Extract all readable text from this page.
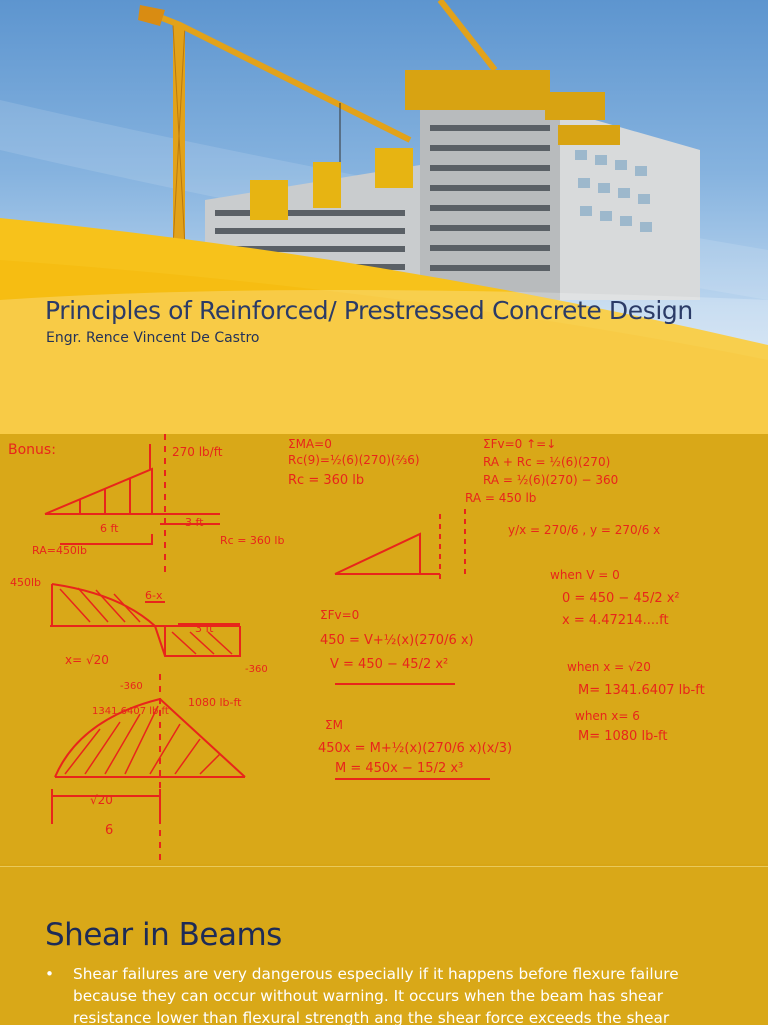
Principles of Reinforced/ Prestressed Concrete Design

Engr. Rence Vincent De Castro

Bonus:	270 lb/ft
6 ft	3 ft
RA=450lb
Rc = 360 lb
450lb
x= √20
-360
-360
6-x
3 ft
1341.6407 lb·ft
1080 lb-ft
√20
6
ΣMA=0
Rc(9)=½(6)(270)(⅔6)
Rc = 360 lb
ΣFv=0
450 = V+½(x)(270/6 x)
V = 450 − 45/2 x²
ΣM
450x = M+½(x)(270/6 x)(x/3)
M = 450x − 15/2 x³
ΣFv=0 ↑=↓
RA + Rc = ½(6)(270)
RA = ½(6)(270) − 360
RA = 450 lb
y/x = 270/6 , y = 270/6 x
when V = 0
0 = 450 − 45/2 x²
x = 4.47214....ft
when x = √20
M= 1341.6407 lb-ft
when x= 6
M= 1080 lb-ft
Shear in Beams
• Shear failures are very dangerous especially if it happens before flexure failure because they can occur without warning. It occurs when the beam has shear resistance lower than flexural strength ang the shear force exceeds the shear
